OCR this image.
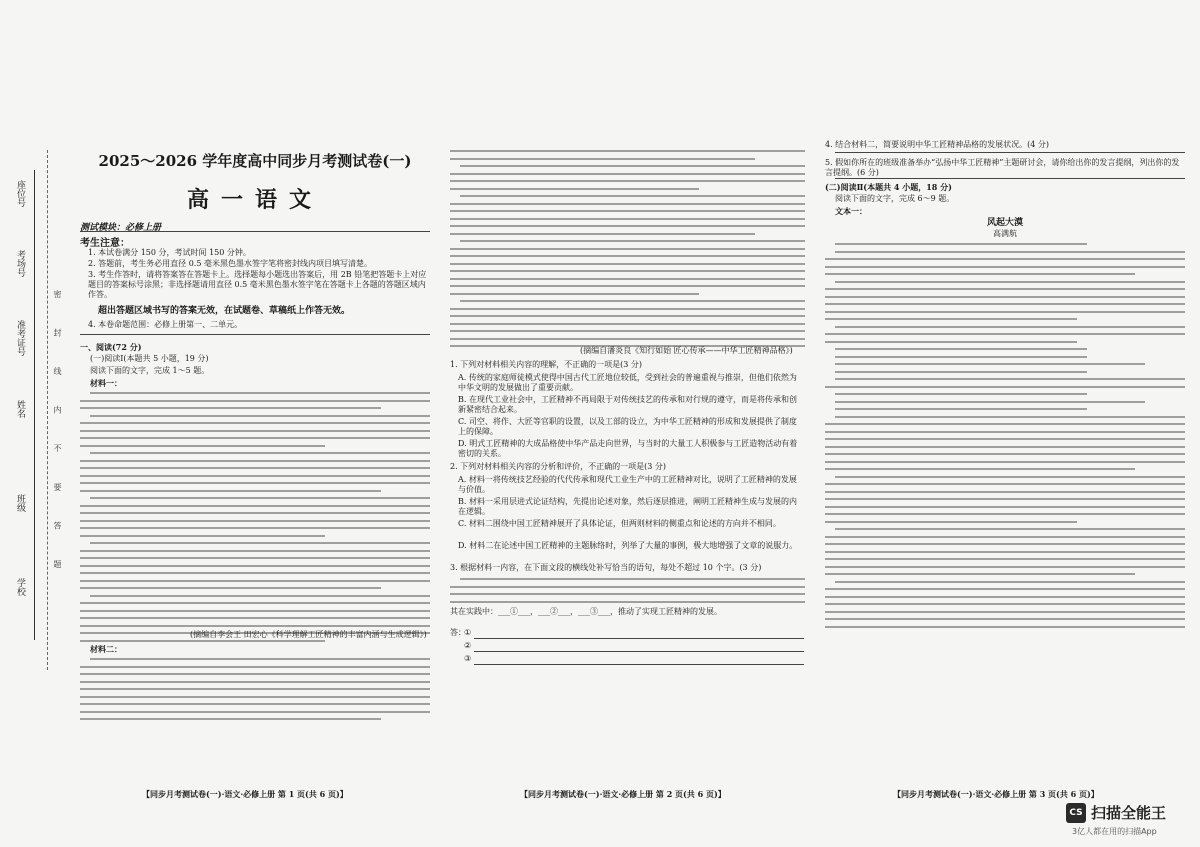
学校
班级
姓名
准考证号
考场号
座位号
密 封 线 内 不 要 答 题
2025～2026 学年度高中同步月考测试卷(一)
高一语文
测试模块：必修上册
考生注意：
1. 本试卷满分 150 分，考试时间 150 分钟。
2. 答题前，考生务必用直径 0.5 毫米黑色墨水签字笔将密封线内项目填写清楚。
3. 考生作答时，请将答案答在答题卡上。选择题每小题选出答案后，用 2B 铅笔把答题卡上对应题目的答案标号涂黑；非选择题请用直径 0.5 毫米黑色墨水签字笔在答题卡上各题的答题区域内作答。
超出答题区域书写的答案无效，在试题卷、草稿纸上作答无效。
4. 本卷命题范围：必修上册第一、二单元。
一、阅读(72 分)
(一)阅读Ⅰ(本题共 5 小题，19 分)
阅读下面的文字，完成 1～5 题。
材料一：
(摘编自李会王 田宏心《科学理解工匠精神的丰富内涵与生成逻辑》)
材料二：
【同步月考测试卷(一)·语文·必修上册 第 1 页(共 6 页)】
(摘编自潘炎良《知行如始 匠心传承——中华工匠精神品格》)
1. 下列对材料相关内容的理解，不正确的一项是(3 分)
A. 传统的家庭师徒模式使得中国古代工匠地位较低，受到社会的普遍重视与推崇，但他们依然为中华文明的发展做出了重要贡献。
B. 在现代工业社会中，工匠精神不再局限于对传统技艺的传承和对行规的遵守，而是将传承和创新紧密结合起来。
C. 司空、将作、大匠等官职的设置，以及工部的设立，为中华工匠精神的形成和发展提供了制度上的保障。
D. 明式工匠精神的大成品格使中华产品走向世界，与当时的大量工人积极参与工匠造物活动有着密切的关系。
2. 下列对材料相关内容的分析和评价，不正确的一项是(3 分)
A. 材料一将传统技艺经验的代代传承和现代工业生产中的工匠精神对比，说明了工匠精神的发展与价值。
B. 材料一采用层进式论证结构，先提出论述对象，然后逐层推进，阐明工匠精神生成与发展的内在逻辑。
C. 材料二围绕中国工匠精神展开了具体论证，但两则材料的侧重点和论述的方向并不相同。
D. 材料二在论述中国工匠精神的主题脉络时，列举了大量的事例，极大地增强了文章的说服力。
3. 根据材料一内容，在下面文段的横线处补写恰当的语句，每处不超过 10 个字。(3 分)
其在实践中：___①___，___②___，___③___，推动了实现工匠精神的发展。
答：
①
②
③
【同步月考测试卷(一)·语文·必修上册 第 2 页(共 6 页)】
4. 结合材料二，简要说明中华工匠精神品格的发展状况。(4 分)
5. 假如你所在的班级准备举办“弘扬中华工匠精神”主题研讨会，请你给出你的发言提纲，列出你的发言提纲。(6 分)
(二)阅读Ⅱ(本题共 4 小题，18 分)
阅读下面的文字，完成 6～9 题。
文本一：
风起大漠
高满航
【同步月考测试卷(一)·语文·必修上册 第 3 页(共 6 页)】
CS 扫描全能王
3亿人都在用的扫描App
